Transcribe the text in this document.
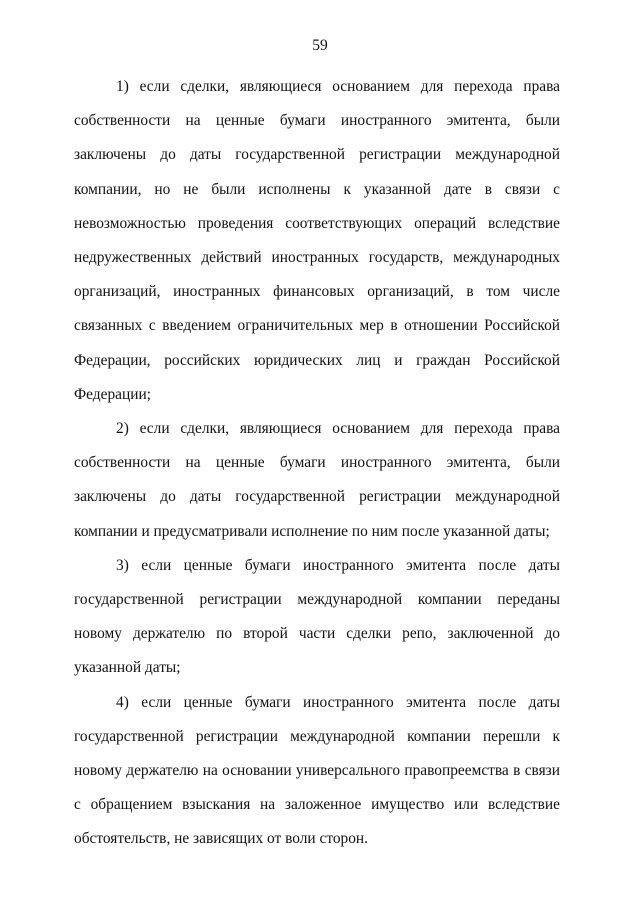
59

1) если сделки, являющиеся основанием для перехода права собственности на ценные бумаги иностранного эмитента, были заключены до даты государственной регистрации международной компании, но не были исполнены к указанной дате в связи с невозможностью проведения соответствующих операций вследствие недружественных действий иностранных государств, международных организаций, иностранных финансовых организаций, в том числе связанных с введением ограничительных мер в отношении Российской Федерации, российских юридических лиц и граждан Российской Федерации;

2) если сделки, являющиеся основанием для перехода права собственности на ценные бумаги иностранного эмитента, были заключены до даты государственной регистрации международной компании и предусматривали исполнение по ним после указанной даты;

3) если ценные бумаги иностранного эмитента после даты государственной регистрации международной компании переданы новому держателю по второй части сделки репо, заключенной до указанной даты;

4) если ценные бумаги иностранного эмитента после даты государственной регистрации международной компании перешли к новому держателю на основании универсального правопреемства в связи с обращением взыскания на заложенное имущество или вследствие обстоятельств, не зависящих от воли сторон.
